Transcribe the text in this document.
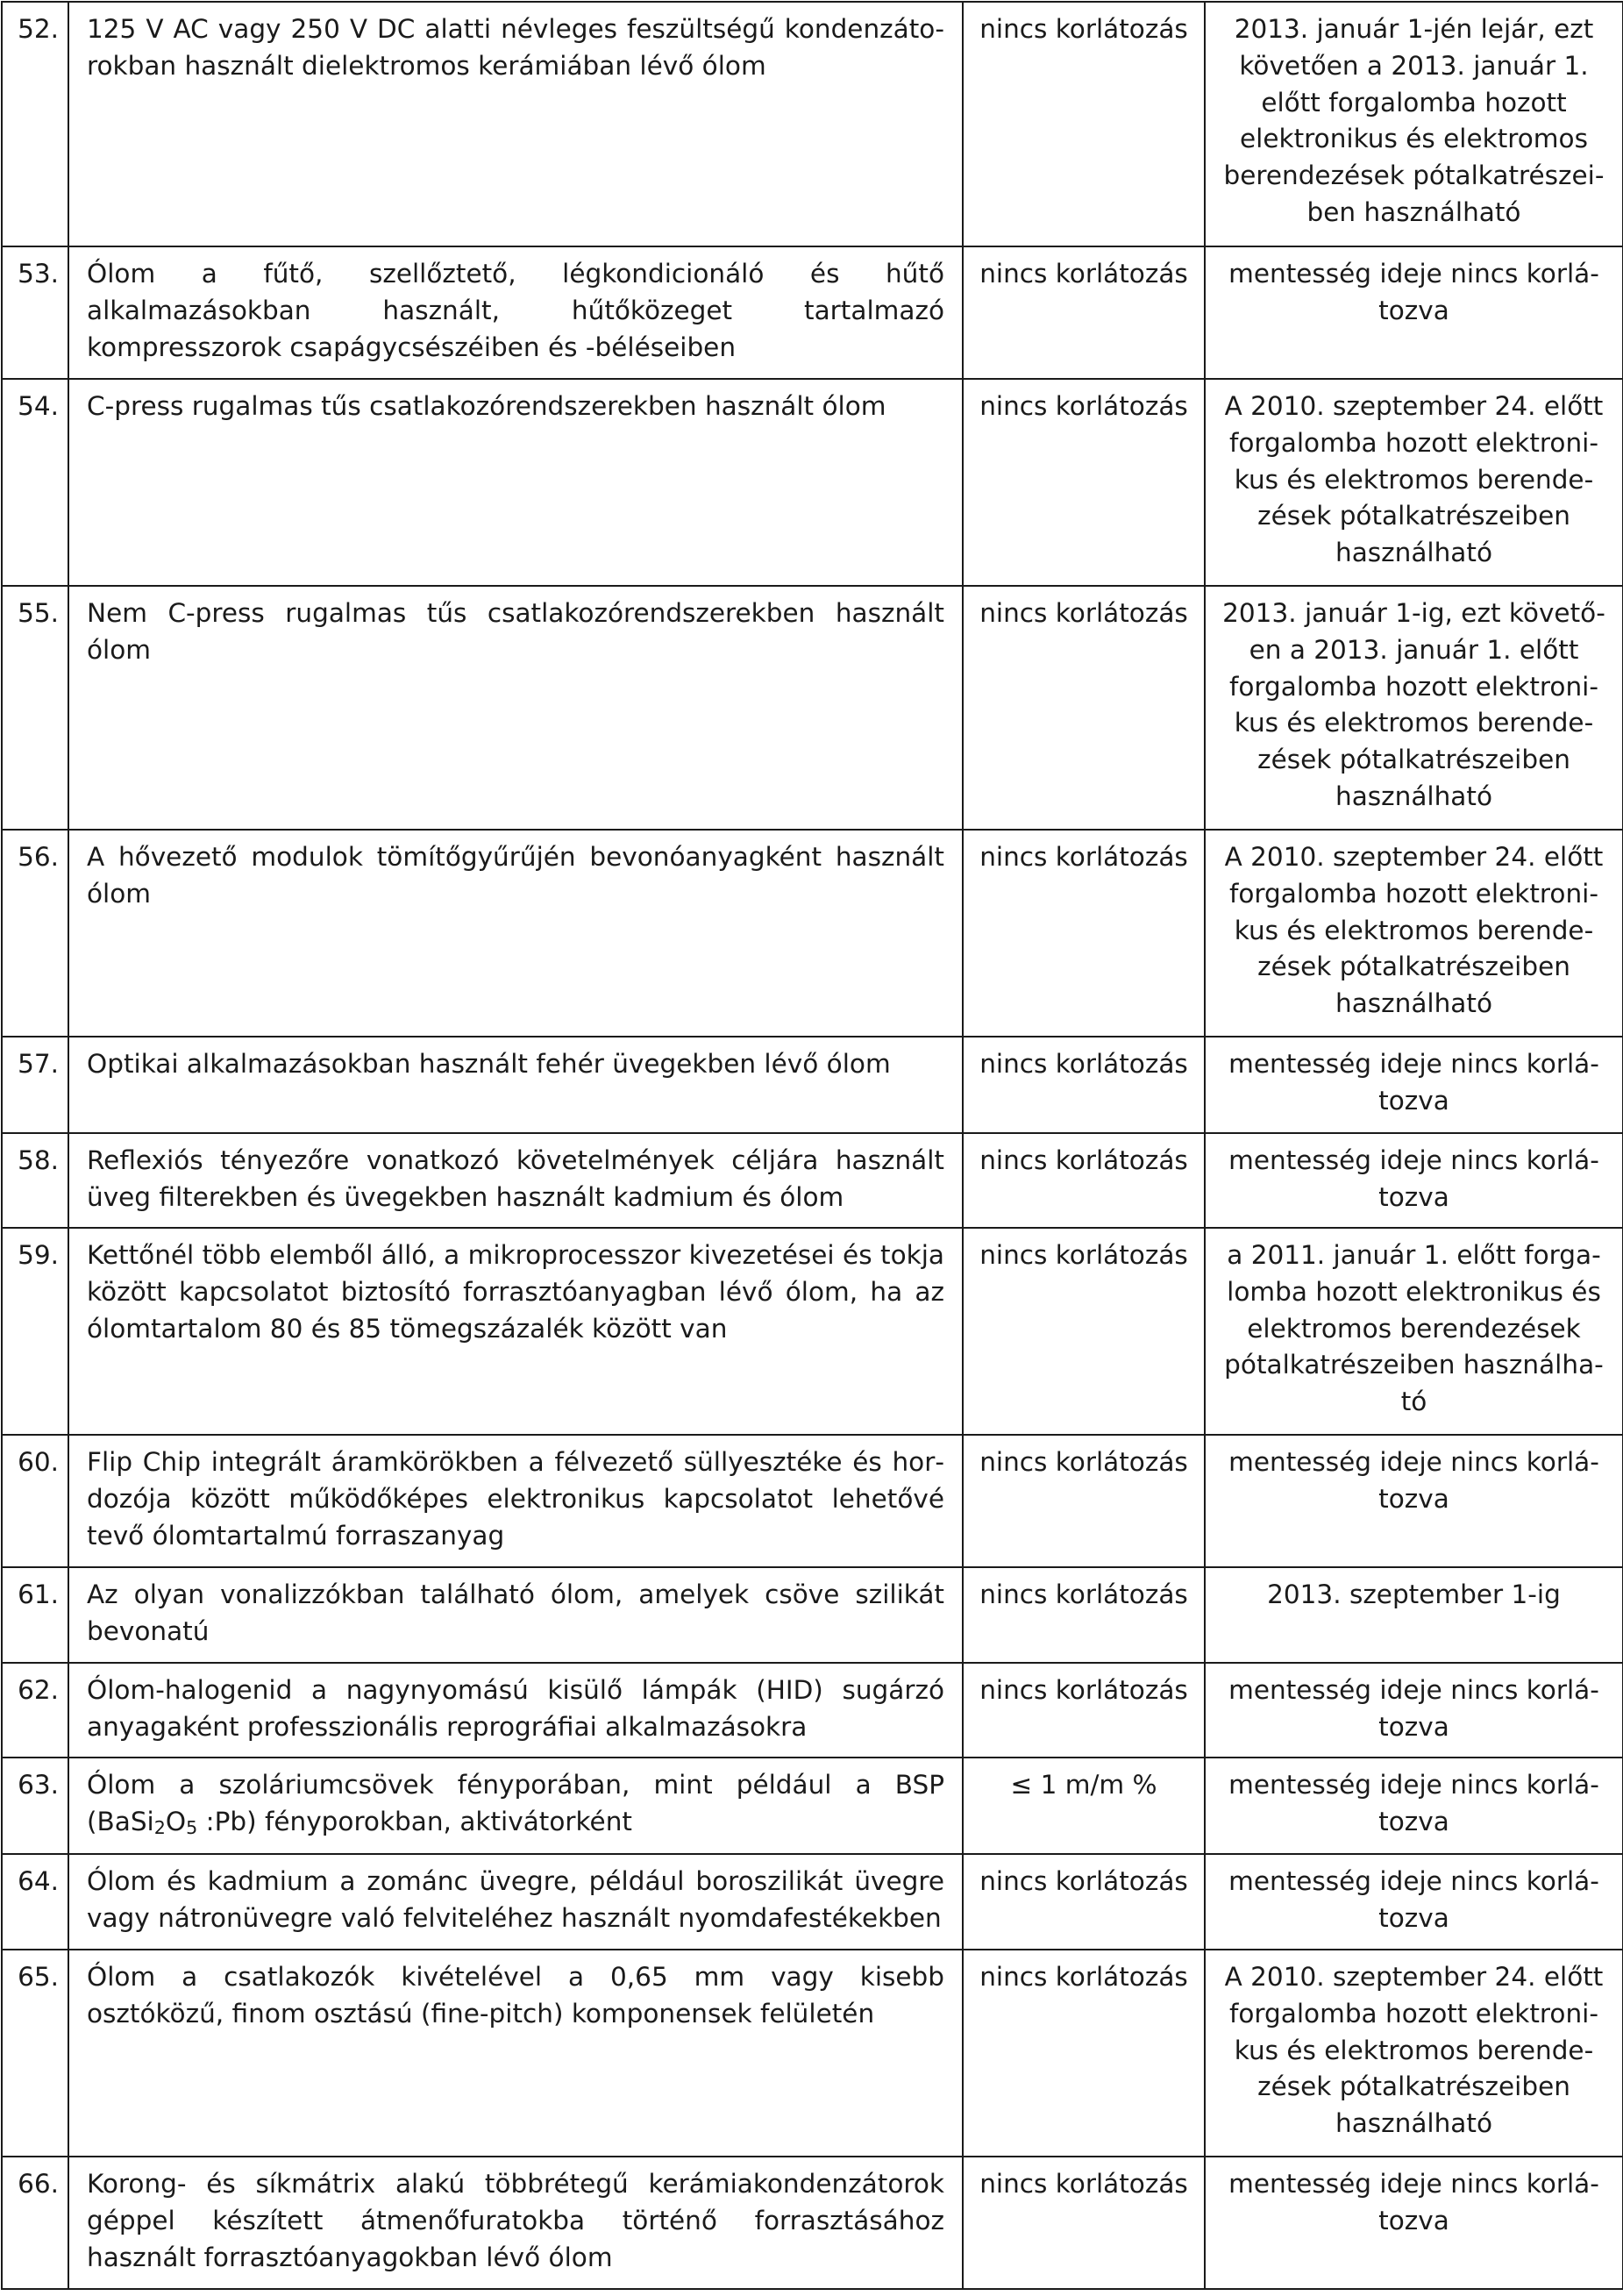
52.	125 V AC vagy 250 V DC alatti névleges feszültségű kondenzátorokban használt dielektromos kerámiában lévő ólom	nincs korlátozás	2013. január 1-jén lejár, ezt követően a 2013. január 1. előtt forgalomba hozott elektronikus és elektromos berendezések pótalkatrészeiben használható
53.	Ólom a fűtő, szellőztető, légkondicionáló és hűtő alkalmazásokban használt, hűtőközeget tartalmazó kompresszorok csapágycsészéiben és -béléseiben	nincs korlátozás	mentesség ideje nincs korlátozva
54.	C-press rugalmas tűs csatlakozórendszerekben használt ólom	nincs korlátozás	A 2010. szeptember 24. előtt forgalomba hozott elektronikus és elektromos berendezések pótalkatrészeiben használható
55.	Nem C-press rugalmas tűs csatlakozórendszerekben használt ólom	nincs korlátozás	2013. január 1-ig, ezt követően a 2013. január 1. előtt forgalomba hozott elektronikus és elektromos berendezések pótalkatrészeiben használható
56.	A hővezető modulok tömítőgyűrűjén bevonóanyagként használt ólom	nincs korlátozás	A 2010. szeptember 24. előtt forgalomba hozott elektronikus és elektromos berendezések pótalkatrészeiben használható
57.	Optikai alkalmazásokban használt fehér üvegekben lévő ólom	nincs korlátozás	mentesség ideje nincs korlátozva
58.	Reflexiós tényezőre vonatkozó követelmények céljára használt üveg filterekben és üvegekben használt kadmium és ólom	nincs korlátozás	mentesség ideje nincs korlátozva
59.	Kettőnél több elemből álló, a mikroprocesszor kivezetései és tokja között kapcsolatot biztosító forrasztóanyagban lévő ólom, ha az ólomtartalom 80 és 85 tömegszázalék között van	nincs korlátozás	a 2011. január 1. előtt forgalomba hozott elektronikus és elektromos berendezések pótalkatrészeiben használható
60.	Flip Chip integrált áramkörökben a félvezető süllyesztéke és hordozója között működőképes elektronikus kapcsolatot lehetővé tevő ólomtartalmú forraszanyag	nincs korlátozás	mentesség ideje nincs korlátozva
61.	Az olyan vonalizzókban található ólom, amelyek csöve szilikát bevonatú	nincs korlátozás	2013. szeptember 1-ig
62.	Ólom-halogenid a nagynyomású kisülő lámpák (HID) sugárzó anyagaként professzionális reprográfiai alkalmazásokra	nincs korlátozás	mentesség ideje nincs korlátozva
63.	Ólom a szoláriumcsövek fényporában, mint például a BSP ($BaSi_2O_5$ :Pb) fényporokban, aktivátorként	≤ 1 m/m %	mentesség ideje nincs korlátozva
64.	Ólom és kadmium a zománc üvegre, például boroszilikát üvegre vagy nátronüvegre való felviteléhez használt nyomdafestékekben	nincs korlátozás	mentesség ideje nincs korlátozva
65.	Ólom a csatlakozók kivételével a 0,65 mm vagy kisebb osztóközű, finom osztású (fine-pitch) komponensek felületén	nincs korlátozás	A 2010. szeptember 24. előtt forgalomba hozott elektronikus és elektromos berendezések pótalkatrészeiben használható
66.	Korong- és síkmátrix alakú többrétegű kerámiakondenzátorok géppel készített átmenőfuratokba történő forrasztásához használt forrasztóanyagokban lévő ólom	nincs korlátozás	mentesség ideje nincs korlátozva
